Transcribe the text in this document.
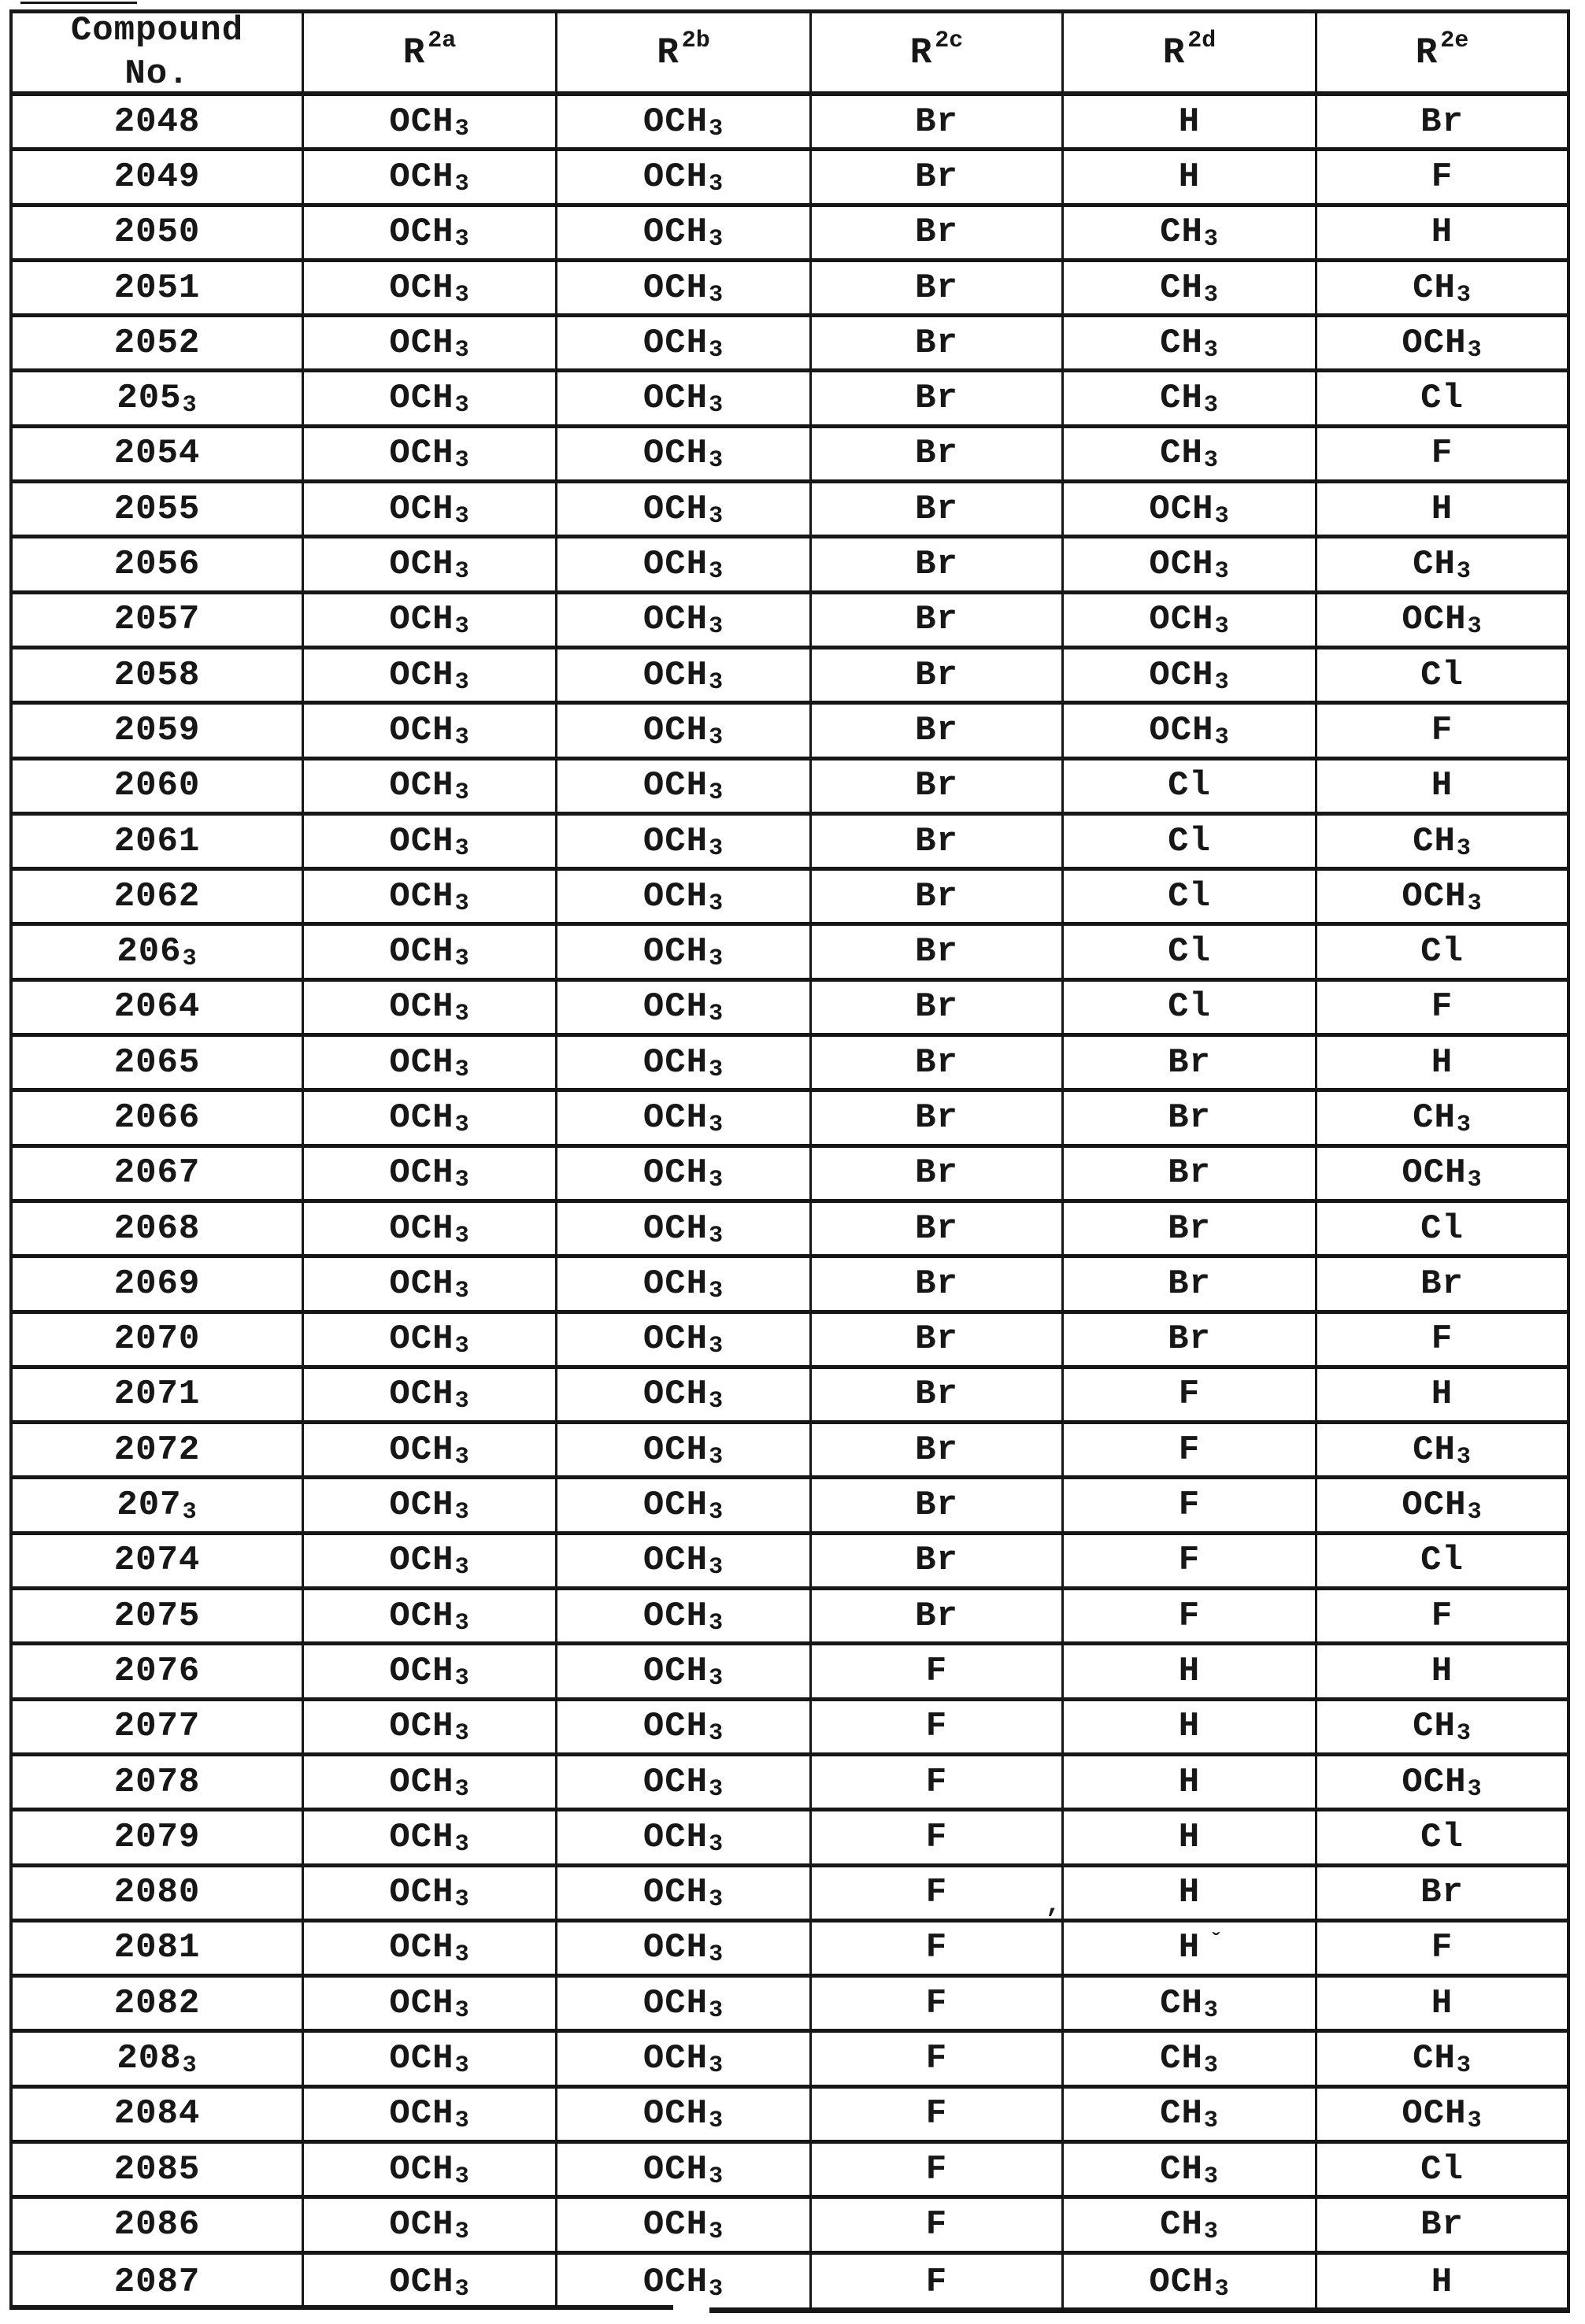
Compound
No.
R 2a	R 2b	R 2c	R 2d	R 2e
2048	OCH 3	OCH 3	Br	H	Br
2049	OCH 3	OCH 3	Br	H	F
2050	OCH 3	OCH 3	Br	CH 3	H
2051	OCH 3	OCH 3	Br	CH 3	CH 3
2052	OCH 3	OCH 3	Br	CH 3	OCH 3
205 3	OCH 3	OCH 3	Br	CH 3	Cl
2054	OCH 3	OCH 3	Br	CH 3	F
2055	OCH 3	OCH 3	Br	OCH 3	H
2056	OCH 3	OCH 3	Br	OCH 3	CH 3
2057	OCH 3	OCH 3	Br	OCH 3	OCH 3
2058	OCH 3	OCH 3	Br	OCH 3	Cl
2059	OCH 3	OCH 3	Br	OCH 3	F
2060	OCH 3	OCH 3	Br	Cl	H
2061	OCH 3	OCH 3	Br	Cl	CH 3
2062	OCH 3	OCH 3	Br	Cl	OCH 3
206 3	OCH 3	OCH 3	Br	Cl	Cl
2064	OCH 3	OCH 3	Br	Cl	F
2065	OCH 3	OCH 3	Br	Br	H
2066	OCH 3	OCH 3	Br	Br	CH 3
2067	OCH 3	OCH 3	Br	Br	OCH 3
2068	OCH 3	OCH 3	Br	Br	Cl
2069	OCH 3	OCH 3	Br	Br	Br
2070	OCH 3	OCH 3	Br	Br	F
2071	OCH 3	OCH 3	Br	F	H
2072	OCH 3	OCH 3	Br	F	CH 3
207 3	OCH 3	OCH 3	Br	F	OCH 3
2074	OCH 3	OCH 3	Br	F	Cl
2075	OCH 3	OCH 3	Br	F	F
2076	OCH 3	OCH 3	F	H	H
2077	OCH 3	OCH 3	F	H	CH 3
2078	OCH 3	OCH 3	F	H	OCH 3
2079	OCH 3	OCH 3	F	H	Cl
2080	OCH 3	OCH 3	F	H	Br
2081	OCH 3	OCH 3	F	H	F
2082	OCH 3	OCH 3	F	CH 3	H
208 3	OCH 3	OCH 3	F	CH 3	CH 3
2084	OCH 3	OCH 3	F	CH 3	OCH 3
2085	OCH 3	OCH 3	F	CH 3	Cl
2086	OCH 3	OCH 3	F	CH 3	Br
2087	OCH 3	OCH 3	F	OCH 3	H
,
ˇ
